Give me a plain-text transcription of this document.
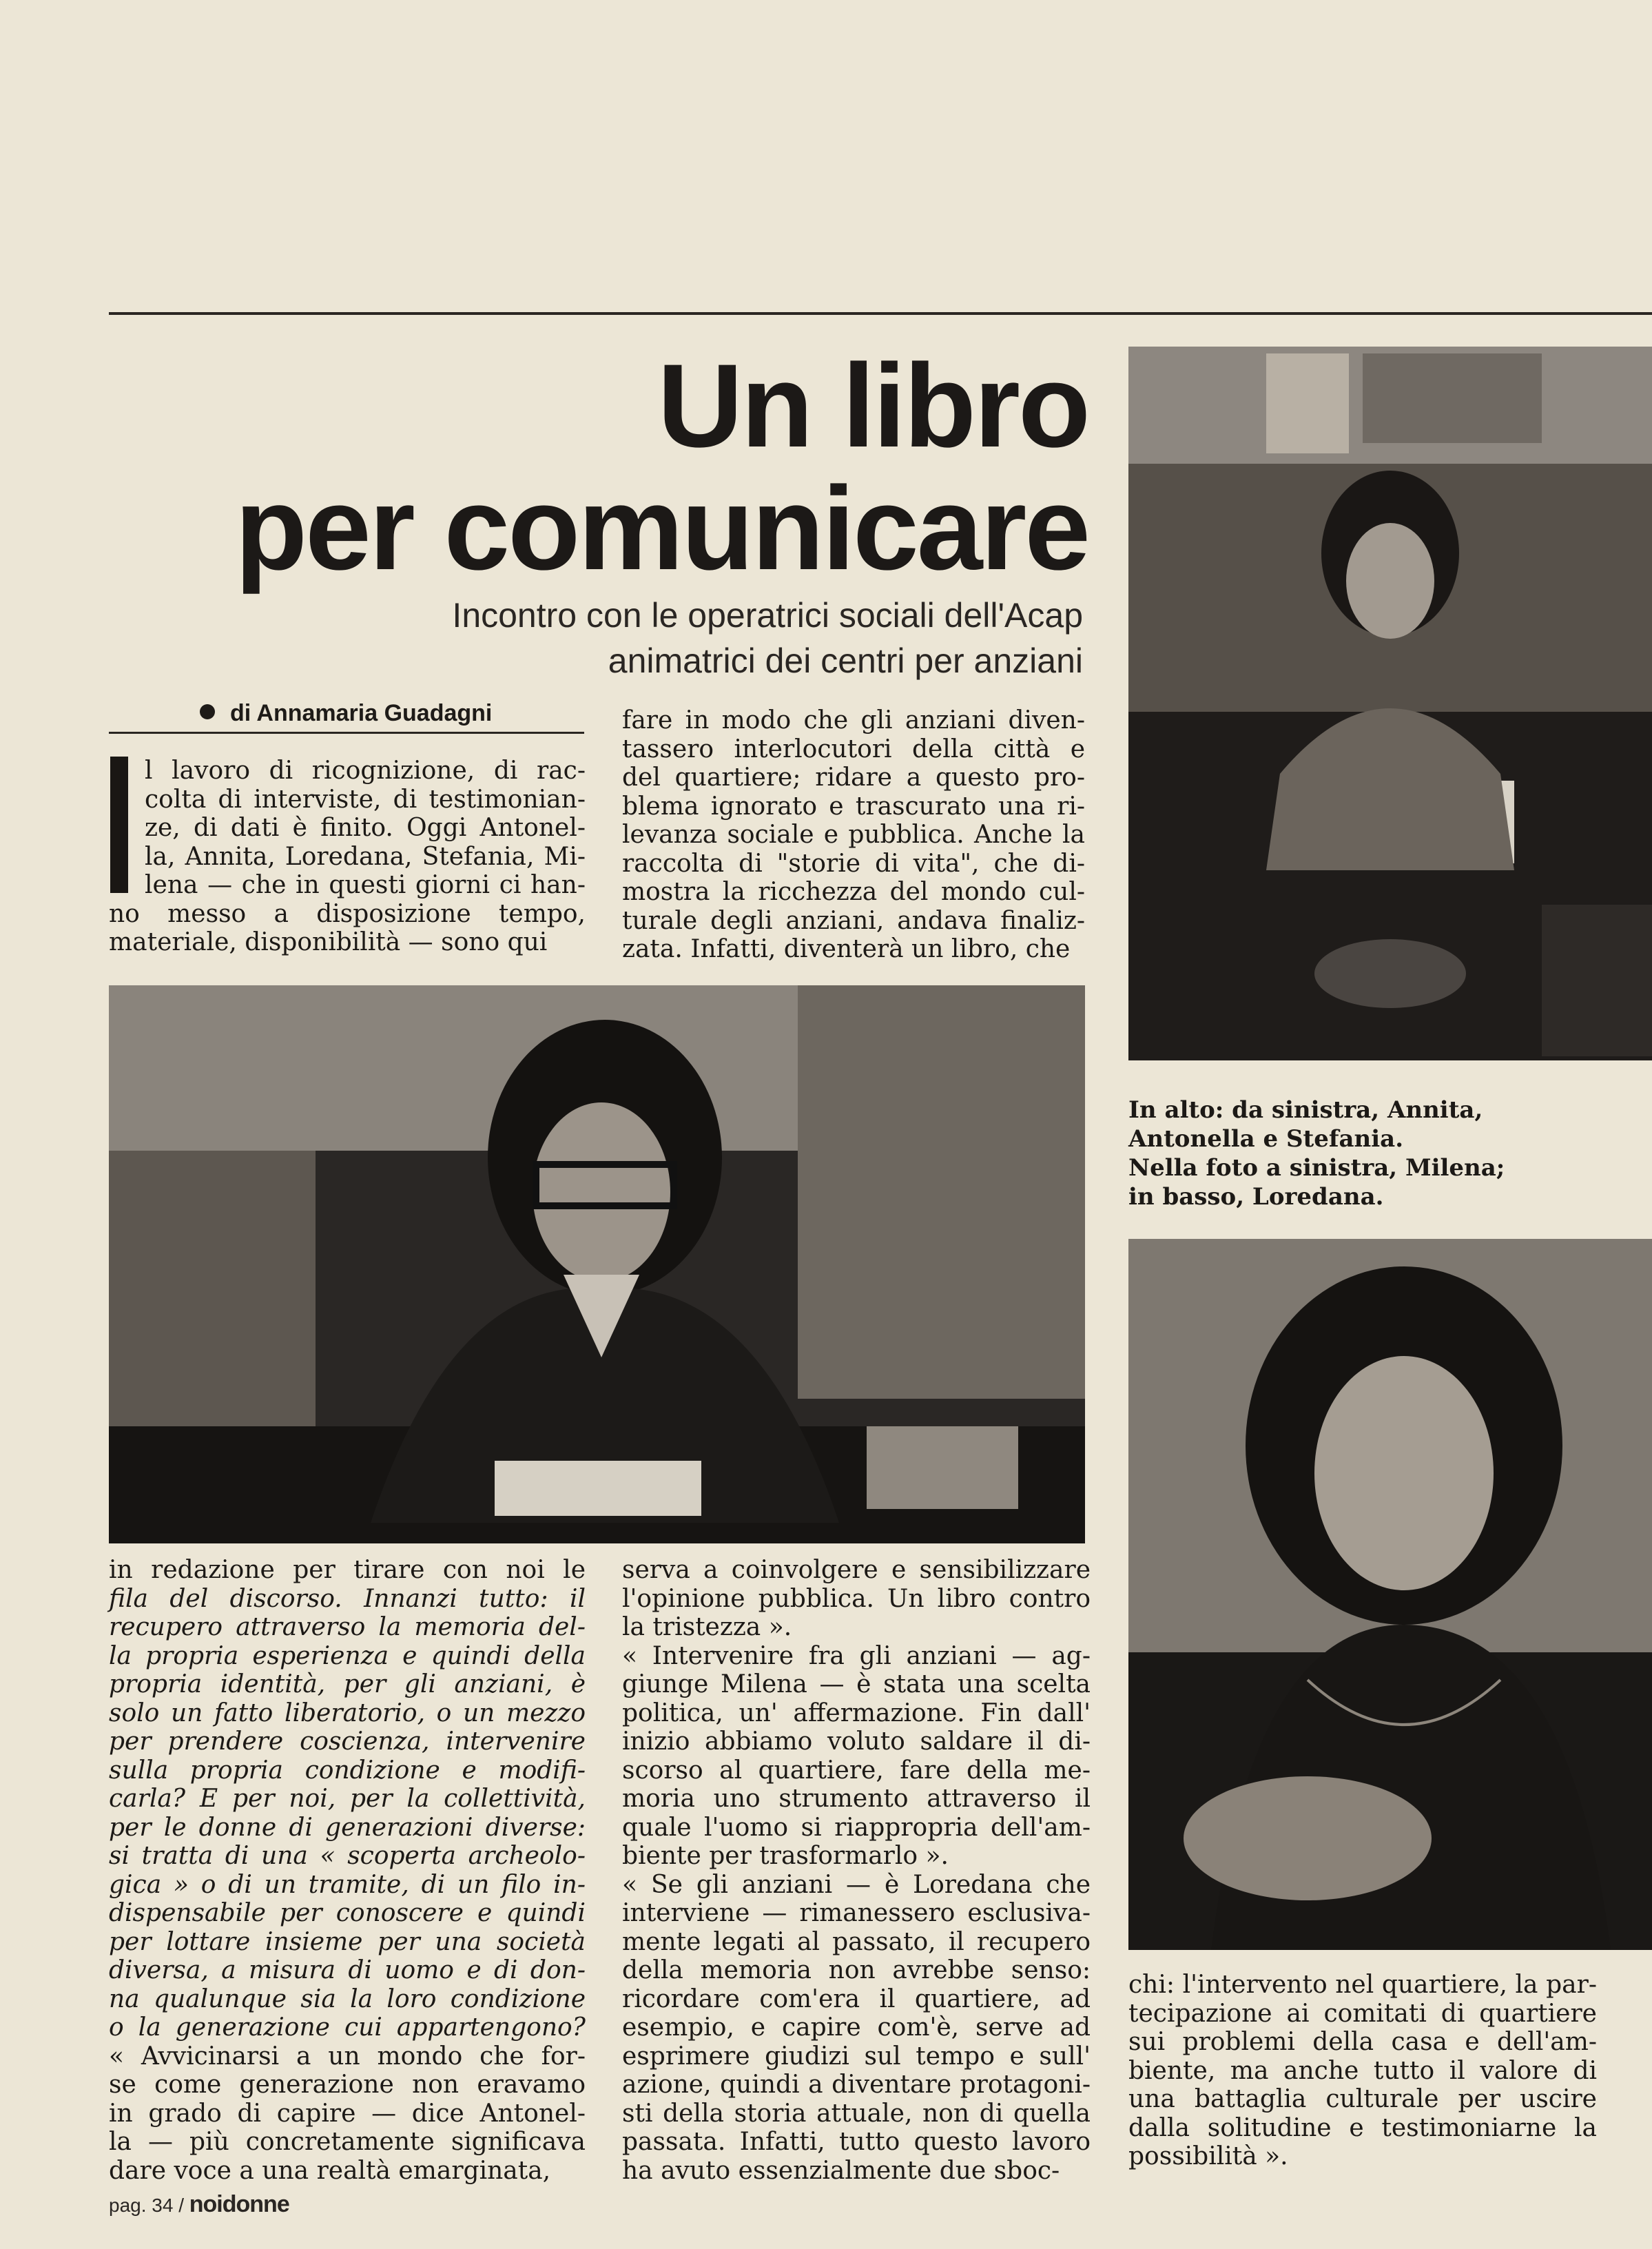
Un libro
per comunicare
Incontro con le operatrici sociali dell'Acap
animatrici dei centri per anziani
di Annamaria Guadagni
l lavoro di ricognizione, di rac-
colta di interviste, di testimonian-
ze, di dati è finito. Oggi Antonel-
la, Annita, Loredana, Stefania, Mi-
lena — che in questi giorni ci han-
no messo a disposizione tempo,
materiale, disponibilità — sono qui
fare in modo che gli anziani diven-
tassero interlocutori della città e
del quartiere; ridare a questo pro-
blema ignorato e trascurato una ri-
levanza sociale e pubblica. Anche la
raccolta di "storie di vita", che di-
mostra la ricchezza del mondo cul-
turale degli anziani, andava finaliz-
zata. Infatti, diventerà un libro, che
In alto: da sinistra, Annita,
Antonella e Stefania.
Nella foto a sinistra, Milena;
in basso, Loredana.
in redazione per tirare con noi le
fila del discorso. Innanzi tutto: il
recupero attraverso la memoria del-
la propria esperienza e quindi della
propria identità, per gli anziani, è
solo un fatto liberatorio, o un mezzo
per prendere coscienza, intervenire
sulla propria condizione e modifi-
carla? E per noi, per la collettività,
per le donne di generazioni diverse:
si tratta di una « scoperta archeolo-
gica » o di un tramite, di un filo in-
dispensabile per conoscere e quindi
per lottare insieme per una società
diversa, a misura di uomo e di don-
na qualunque sia la loro condizione
o la generazione cui appartengono?
« Avvicinarsi a un mondo che for-
se come generazione non eravamo
in grado di capire — dice Antonel-
la — più concretamente significava
dare voce a una realtà emarginata,
serva a coinvolgere e sensibilizzare
l'opinione pubblica. Un libro contro
la tristezza ».
« Intervenire fra gli anziani — ag-
giunge Milena — è stata una scelta
politica, un' affermazione. Fin dall'
inizio abbiamo voluto saldare il di-
scorso al quartiere, fare della me-
moria uno strumento attraverso il
quale l'uomo si riappropria dell'am-
biente per trasformarlo ».
« Se gli anziani — è Loredana che
interviene — rimanessero esclusiva-
mente legati al passato, il recupero
della memoria non avrebbe senso:
ricordare com'era il quartiere, ad
esempio, e capire com'è, serve ad
esprimere giudizi sul tempo e sull'
azione, quindi a diventare protagoni-
sti della storia attuale, non di quella
passata. Infatti, tutto questo lavoro
ha avuto essenzialmente due sboc-
chi: l'intervento nel quartiere, la par-
tecipazione ai comitati di quartiere
sui problemi della casa e dell'am-
biente, ma anche tutto il valore di
una battaglia culturale per uscire
dalla solitudine e testimoniarne la
possibilità ».
pag. 34 / noidonne
